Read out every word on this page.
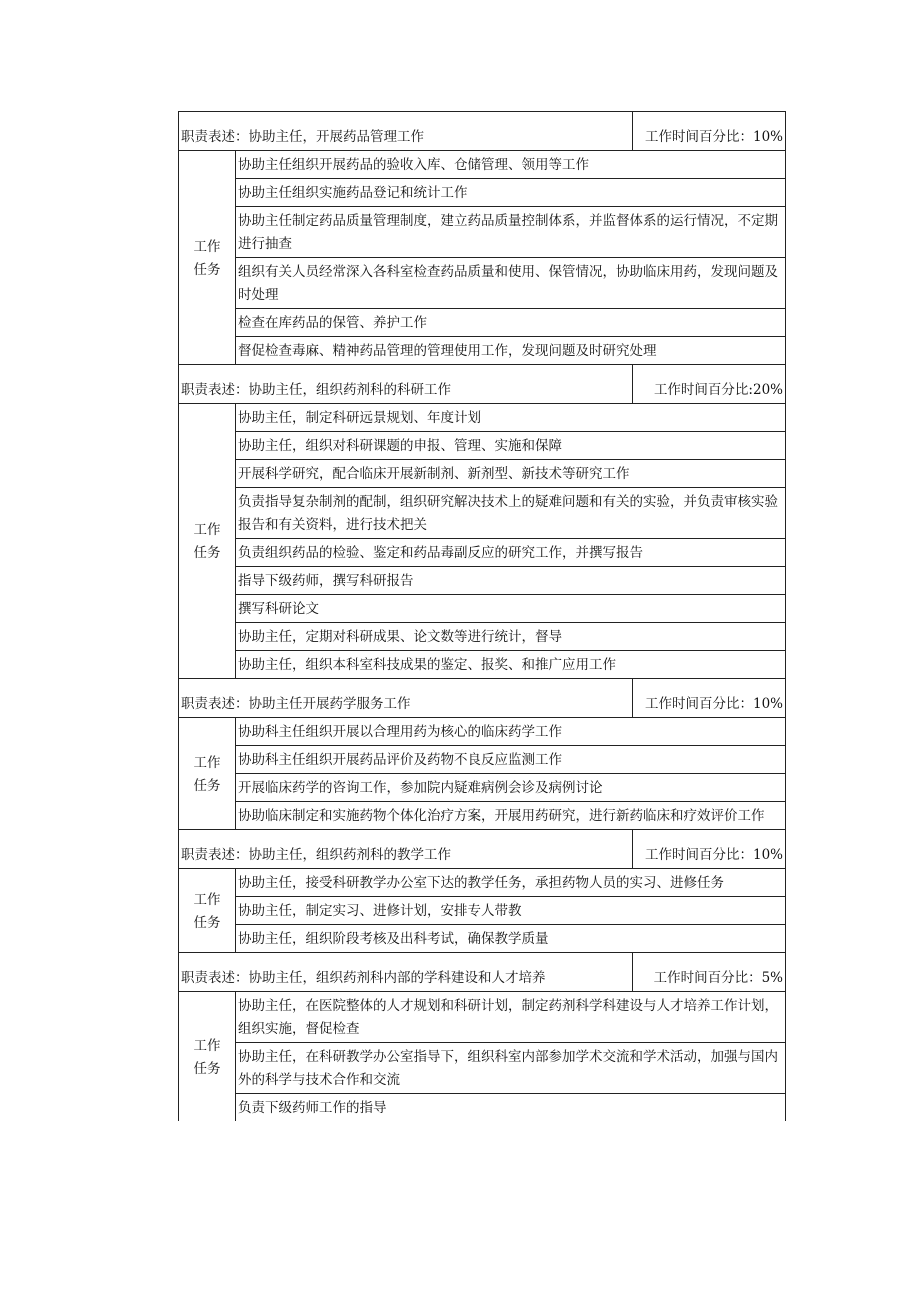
职责表述：协助主任，开展药品管理工作		工作时间百分比：10%

工作
任务	协助主任组织开展药品的验收入库、仓储管理、领用等工作	
	协助主任组织实施药品登记和统计工作	
	协助主任制定药品质量管理制度，建立药品质量控制体系，并监督体系的运行情况，不定期进行抽查	
	组织有关人员经常深入各科室检查药品质量和使用、保管情况，协助临床用药，发现问题及时处理	
	检查在库药品的保管、养护工作	
	督促检查毒麻、精神药品管理的管理使用工作，发现问题及时研究处理	
职责表述：协助主任，组织药剂科的科研工作		工作时间百分比:20%

工作
任务	协助主任，制定科研远景规划、年度计划	
	协助主任，组织对科研课题的申报、管理、实施和保障	
	开展科学研究，配合临床开展新制剂、新剂型、新技术等研究工作	
	负责指导复杂制剂的配制，组织研究解决技术上的疑难问题和有关的实验，并负责审核实验报告和有关资料，进行技术把关	
	负责组织药品的检验、鉴定和药品毒副反应的研究工作，并撰写报告	
	指导下级药师，撰写科研报告	
	撰写科研论文	
	协助主任，定期对科研成果、论文数等进行统计，督导	
	协助主任，组织本科室科技成果的鉴定、报奖、和推广应用工作	
职责表述：协助主任开展药学服务工作		工作时间百分比：10%

工作
任务	协助科主任组织开展以合理用药为核心的临床药学工作	
	协助科主任组织开展药品评价及药物不良反应监测工作	
	开展临床药学的咨询工作，参加院内疑难病例会诊及病例讨论	
	协助临床制定和实施药物个体化治疗方案，开展用药研究，进行新药临床和疗效评价工作	
职责表述：协助主任，组织药剂科的教学工作		工作时间百分比：10%

工作
任务	协助主任，接受科研教学办公室下达的教学任务，承担药物人员的实习、进修任务	
	协助主任，制定实习、进修计划，安排专人带教	
	协助主任，组织阶段考核及出科考试，确保教学质量	
职责表述：协助主任，组织药剂科内部的学科建设和人才培养		工作时间百分比：5%

工作
任务	协助主任，在医院整体的人才规划和科研计划，制定药剂科学科建设与人才培养工作计划，组织实施，督促检查	
	协助主任，在科研教学办公室指导下，组织科室内部参加学术交流和学术活动，加强与国内外的科学与技术合作和交流	
	负责下级药师工作的指导	
